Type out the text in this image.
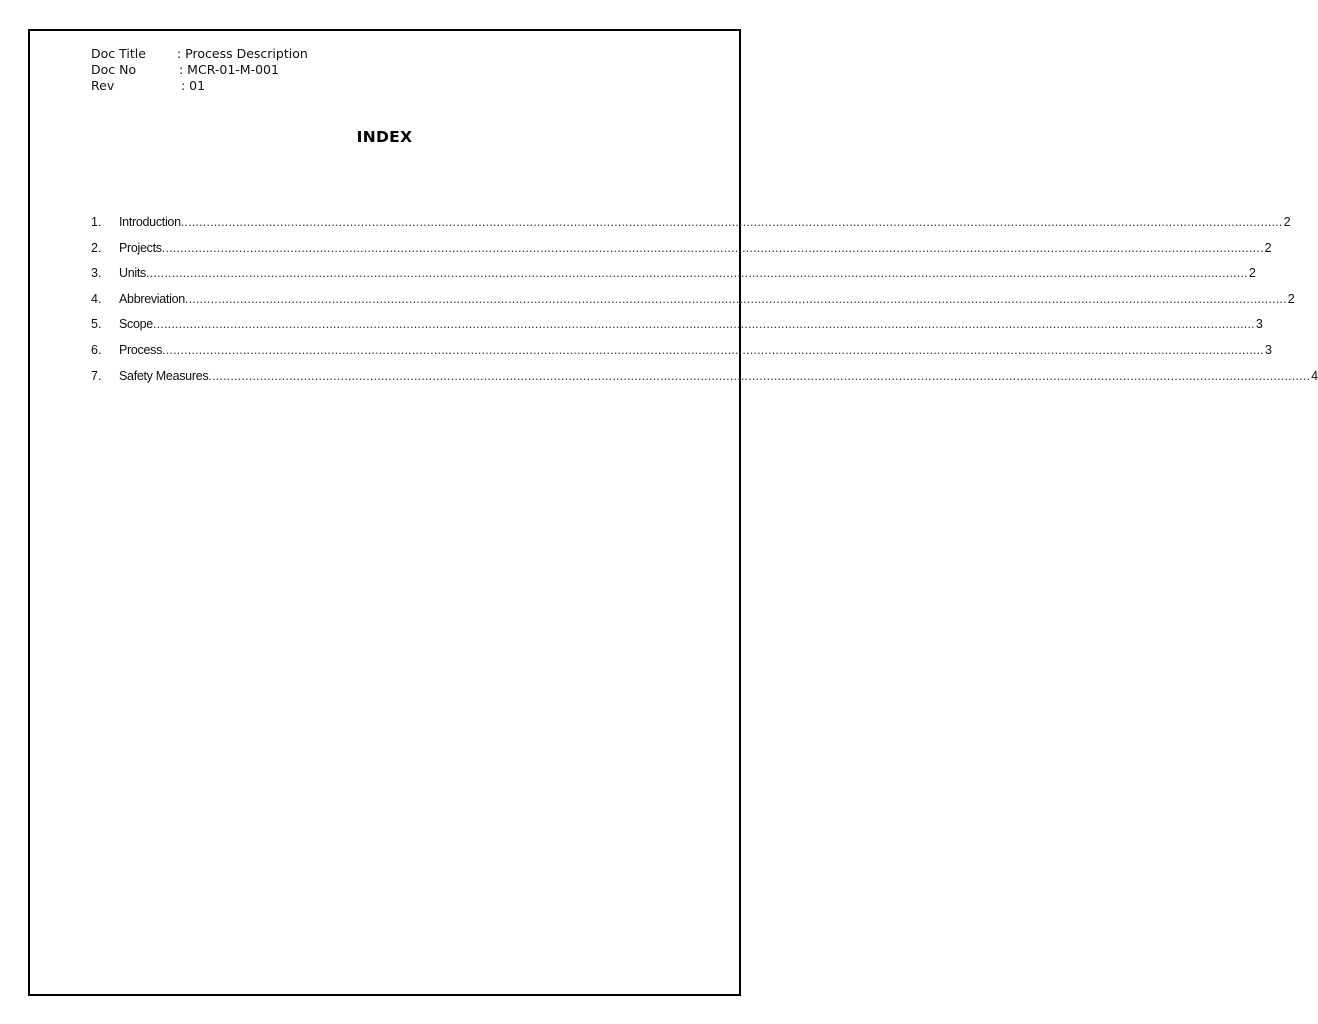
Doc Title : Process Description
Doc No	: MCR-01-M-001
Rev	: 01
INDEX
1.	Introduction ............................................................................................................................................................................................................................................................................................................ 2
2.	Projects ............................................................................................................................................................................................................................................................................................................ 2
3.	Units ............................................................................................................................................................................................................................................................................................................ 2
4.	Abbreviation ............................................................................................................................................................................................................................................................................................................ 2
5.	Scope ............................................................................................................................................................................................................................................................................................................ 3
6.	Process ............................................................................................................................................................................................................................................................................................................ 3
7.	Safety Measures ............................................................................................................................................................................................................................................................................................................ 4
